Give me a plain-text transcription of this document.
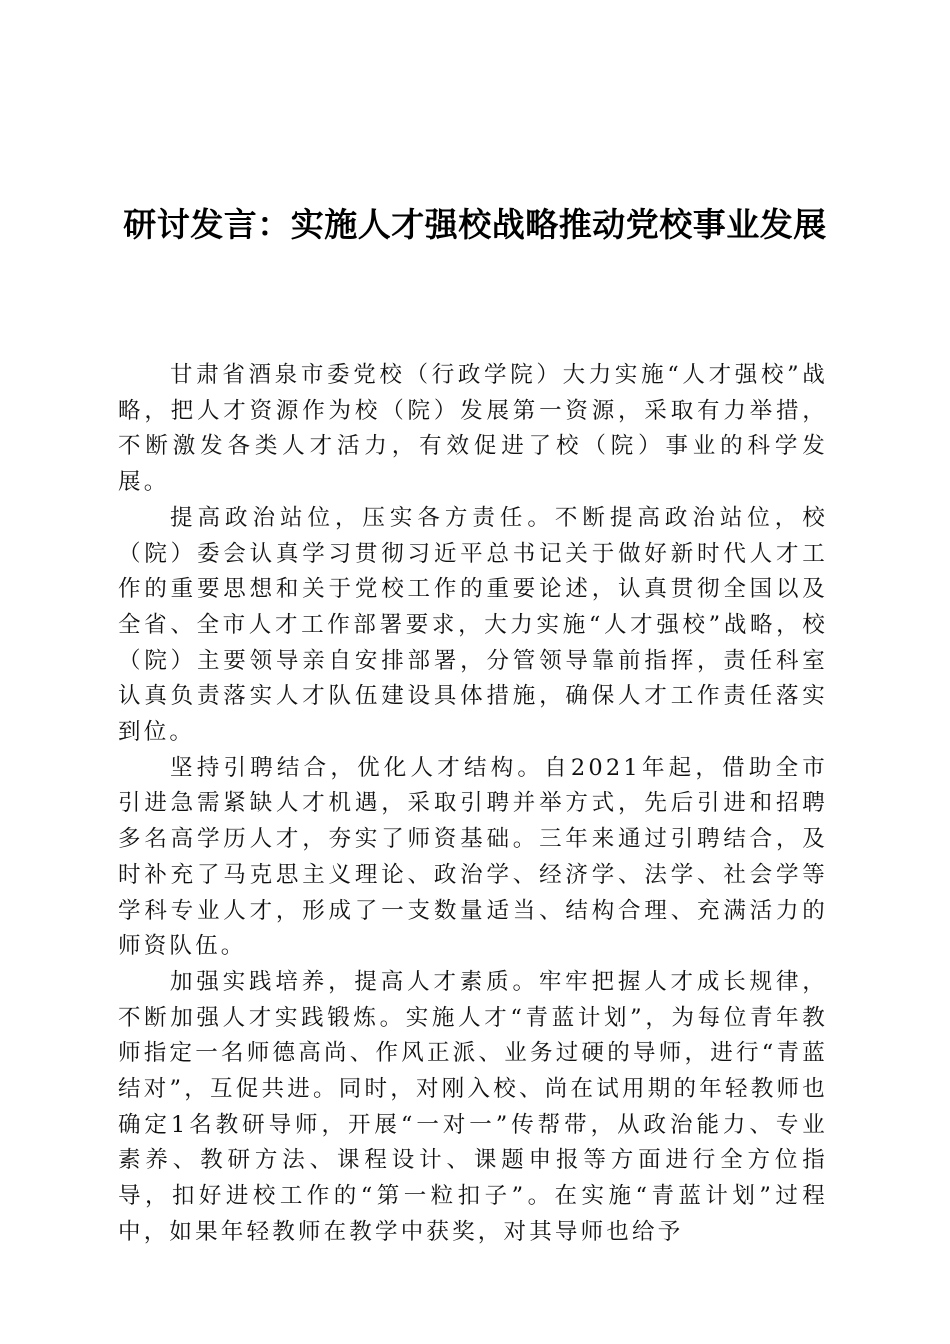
研讨发言：实施人才强校战略推动党校事业发展

甘肃省酒泉市委党校（行政学院）大力实施“人才强校”战略，把人才资源作为校（院）发展第一资源，采取有力举措，不断激发各类人才活力，有效促进了校（院）事业的科学发展。

提高政治站位，压实各方责任。不断提高政治站位，校（院）委会认真学习贯彻习近平总书记关于做好新时代人才工作的重要思想和关于党校工作的重要论述，认真贯彻全国以及全省、全市人才工作部署要求，大力实施“人才强校”战略，校（院）主要领导亲自安排部署，分管领导靠前指挥，责任科室认真负责落实人才队伍建设具体措施，确保人才工作责任落实到位。

坚持引聘结合，优化人才结构。自2021年起，借助全市引进急需紧缺人才机遇，采取引聘并举方式，先后引进和招聘多名高学历人才，夯实了师资基础。三年来通过引聘结合，及时补充了马克思主义理论、政治学、经济学、法学、社会学等学科专业人才，形成了一支数量适当、结构合理、充满活力的师资队伍。

加强实践培养，提高人才素质。牢牢把握人才成长规律，不断加强人才实践锻炼。实施人才“青蓝计划”，为每位青年教师指定一名师德高尚、作风正派、业务过硬的导师，进行“青蓝结对”，互促共进。同时，对刚入校、尚在试用期的年轻教师也确定1名教研导师，开展“一对一”传帮带，从政治能力、专业素养、教研方法、课程设计、课题申报等方面进行全方位指导，扣好进校工作的“第一粒扣子”。在实施“青蓝计划”过程中，如果年轻教师在教学中获奖，对其导师也给予
